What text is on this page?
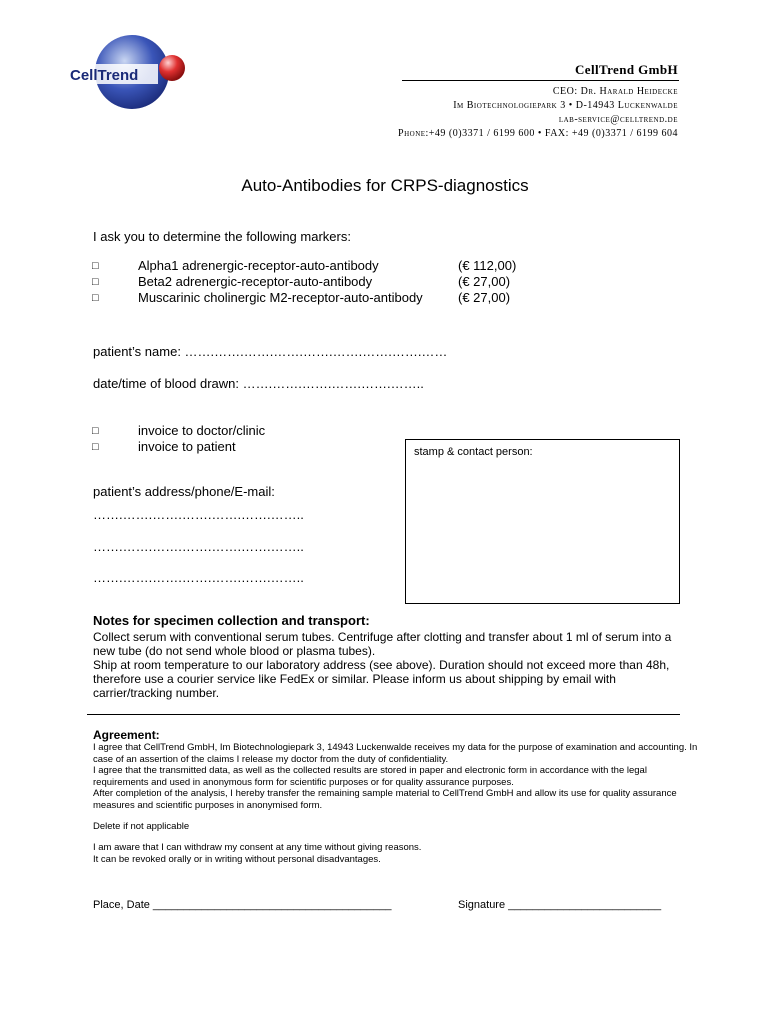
CellTrend	CellTrend GmbH
CEO: Dr. Harald Heidecke
Im Biotechnologiepark 3 • D-14943 Luckenwalde
lab-service@celltrend.de
Phone:+49 (0)3371 / 6199 600 • FAX: +49 (0)3371 / 6199 604
Auto-Antibodies for CRPS-diagnostics
I ask you to determine the following markers:
□	Alpha1 adrenergic-receptor-auto-antibody	(€ 112,00)
□	Beta2 adrenergic-receptor-auto-antibody	(€ 27,00)
□	Muscarinic cholinergic M2-receptor-auto-antibody	(€ 27,00)
patient’s name: …….…….…….…….…….…….…….…….……
date/time of blood drawn: …….…….…….…….…….……..
□	invoice to doctor/clinic
□	invoice to patient	stamp & contact person:
patient’s address/phone/E-mail:
…….…….…….…….…….…….……..
…….…….…….…….…….…….……..
…….…….…….…….…….…….……..
Notes for specimen collection and transport:
Collect serum with conventional serum tubes. Centrifuge after clotting and transfer about 1 ml of serum into a new tube (do not send whole blood or plasma tubes).
Ship at room temperature to our laboratory address (see above). Duration should not exceed more than 48h, therefore use a courier service like FedEx or similar. Please inform us about shipping by email with carrier/tracking number.
Agreement:
I agree that CellTrend GmbH, Im Biotechnologiepark 3, 14943 Luckenwalde receives my data for the purpose of examination and accounting. In case of an assertion of the claims I release my doctor from the duty of confidentiality.
I agree that the transmitted data, as well as the collected results are stored in paper and electronic form in accordance with the legal requirements and used in anonymous form for scientific purposes or for quality assurance purposes.
After completion of the analysis, I hereby transfer the remaining sample material to CellTrend GmbH and allow its use for quality assurance measures and scientific purposes in anonymised form.
Delete if not applicable
I am aware that I can withdraw my consent at any time without giving reasons.
It can be revoked orally or in writing without personal disadvantages.
Place, Date _______________________________________	Signature _________________________
